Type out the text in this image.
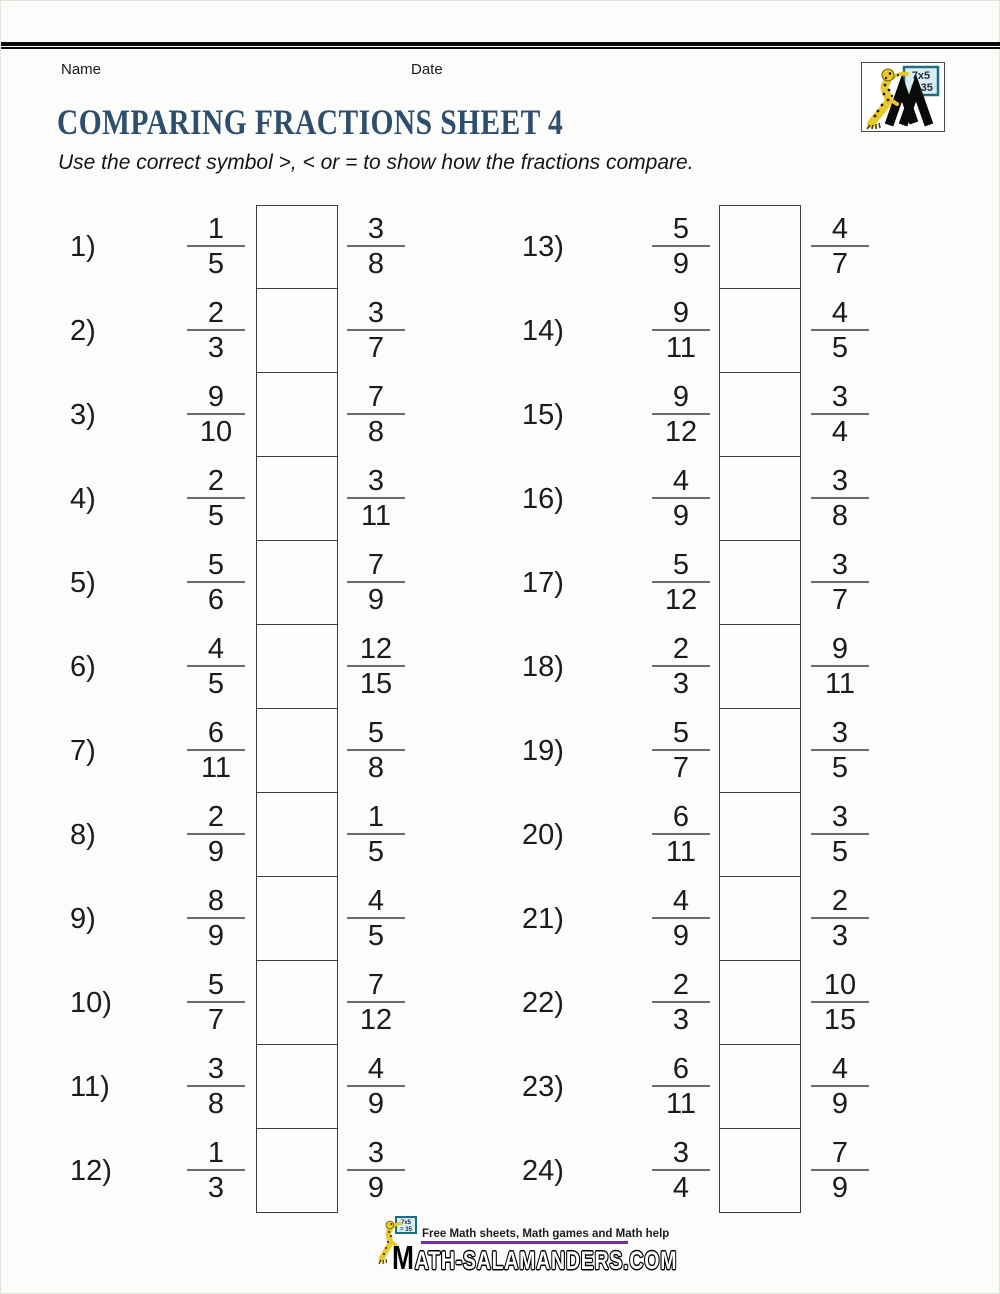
Name	Date	7x5
= 35
COMPARING FRACTIONS SHEET 4

Use the correct symbol >, < or = to show how the fractions compare.

1)
1
5
3
8
2)
2
3
3
7
3)
9
10
7
8
4)
2
5
3
11
5)
5
6
7
9
6)
4
5
12
15
7)
6
11
5
8
8)
2
9
1
5
9)
8
9
4
5
10)
5
7
7
12
11)
3
8
4
9
12)
1
3
3
9
13)
5
9
4
7
14)
9
11
4
5
15)
9
12
3
4
16)
4
9
3
8
17)
5
12
3
7
18)
2
3
9
11
19)
5
7
3
5
20)
6
11
3
5
21)
4
9
2
3
22)
2
3
10
15
23)
6
11
4
9
24)
3
4
7
9
7x5
= 35 Free Math sheets, Math games and Math help
MATH-SALAMANDERS.COM
